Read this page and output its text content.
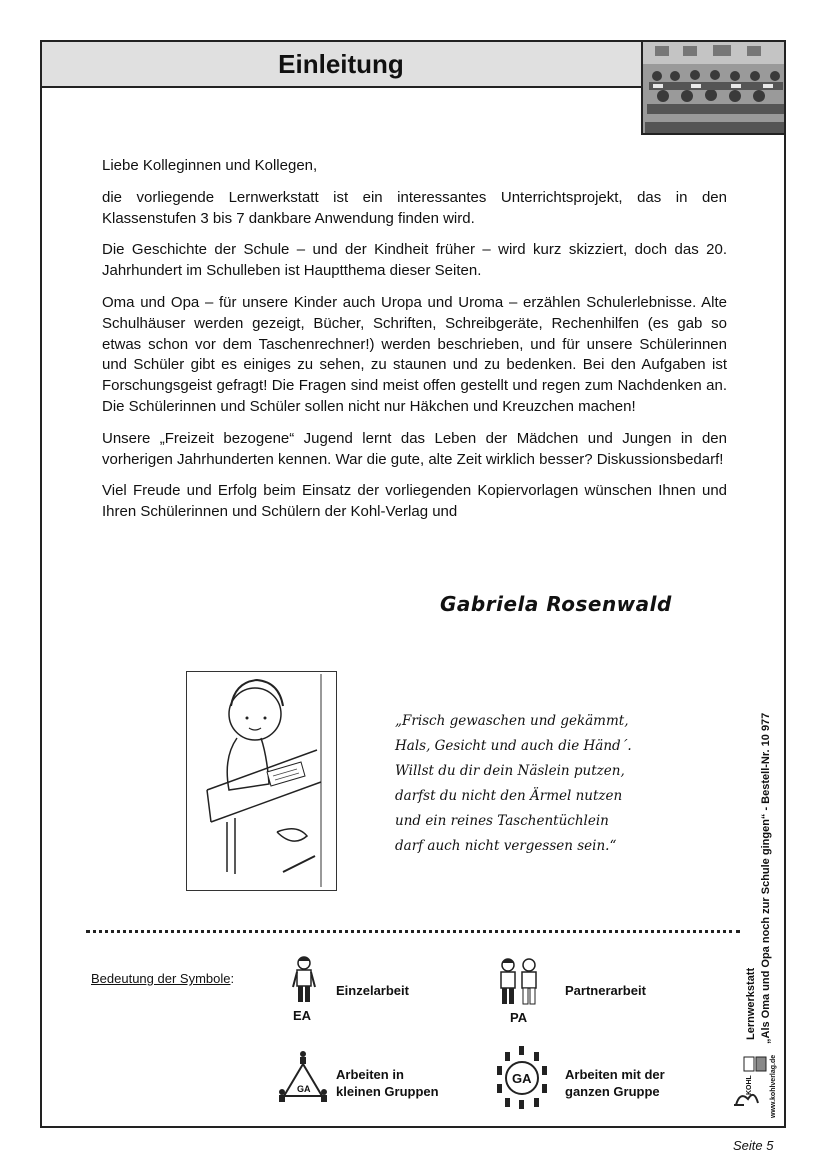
Einleitung

Liebe Kolleginnen und Kollegen,

die vorliegende Lernwerkstatt ist ein interessantes Unterrichtsprojekt, das in den Klassenstufen 3 bis 7 dankbare Anwendung finden wird.

Die Geschichte der Schule – und der Kindheit früher – wird kurz skizziert, doch das 20. Jahrhundert im Schulleben ist Hauptthema dieser Seiten.

Oma und Opa – für unsere Kinder auch Uropa und Uroma – erzählen Schulerlebnisse. Alte Schulhäuser werden gezeigt, Bücher, Schriften, Schreibgeräte, Rechenhilfen (es gab so etwas schon vor dem Taschenrechner!) werden beschrieben, und für unsere Schülerinnen und Schüler gibt es einiges zu sehen, zu staunen und zu bedenken. Bei den Aufgaben ist Forschungsgeist gefragt! Die Fragen sind meist offen gestellt und regen zum Nachdenken an. Die Schülerinnen und Schüler sollen nicht nur Häkchen und Kreuzchen machen!

Unsere „Freizeit bezogene“ Jugend lernt das Leben der Mädchen und Jungen in den vorherigen Jahrhunderten kennen. War die gute, alte Zeit wirklich besser? Diskussionsbedarf!

Viel Freude und Erfolg beim Einsatz der vorliegenden Kopiervorlagen wünschen Ihnen und Ihren Schülerinnen und Schülern der Kohl-Verlag und

Gabriela Rosenwald
„Frisch gewaschen und gekämmt,
Hals, Gesicht und auch die Händ´.
Willst du dir dein Näslein putzen,
darfst du nicht den Ärmel nutzen
und ein reines Taschentüchlein
darf auch nicht vergessen sein.“
Bedeutung der Symbole:
EA
Einzelarbeit
PA
Partnerarbeit
GA
Arbeiten in
kleinen Gruppen
GA	Arbeiten mit der
ganzen Gruppe
Lernwerkstatt „Als Oma und Opa noch zur Schule gingen“ - Bestell-Nr. 10 977
KOHL www.kohlverlag.de
Seite 5
